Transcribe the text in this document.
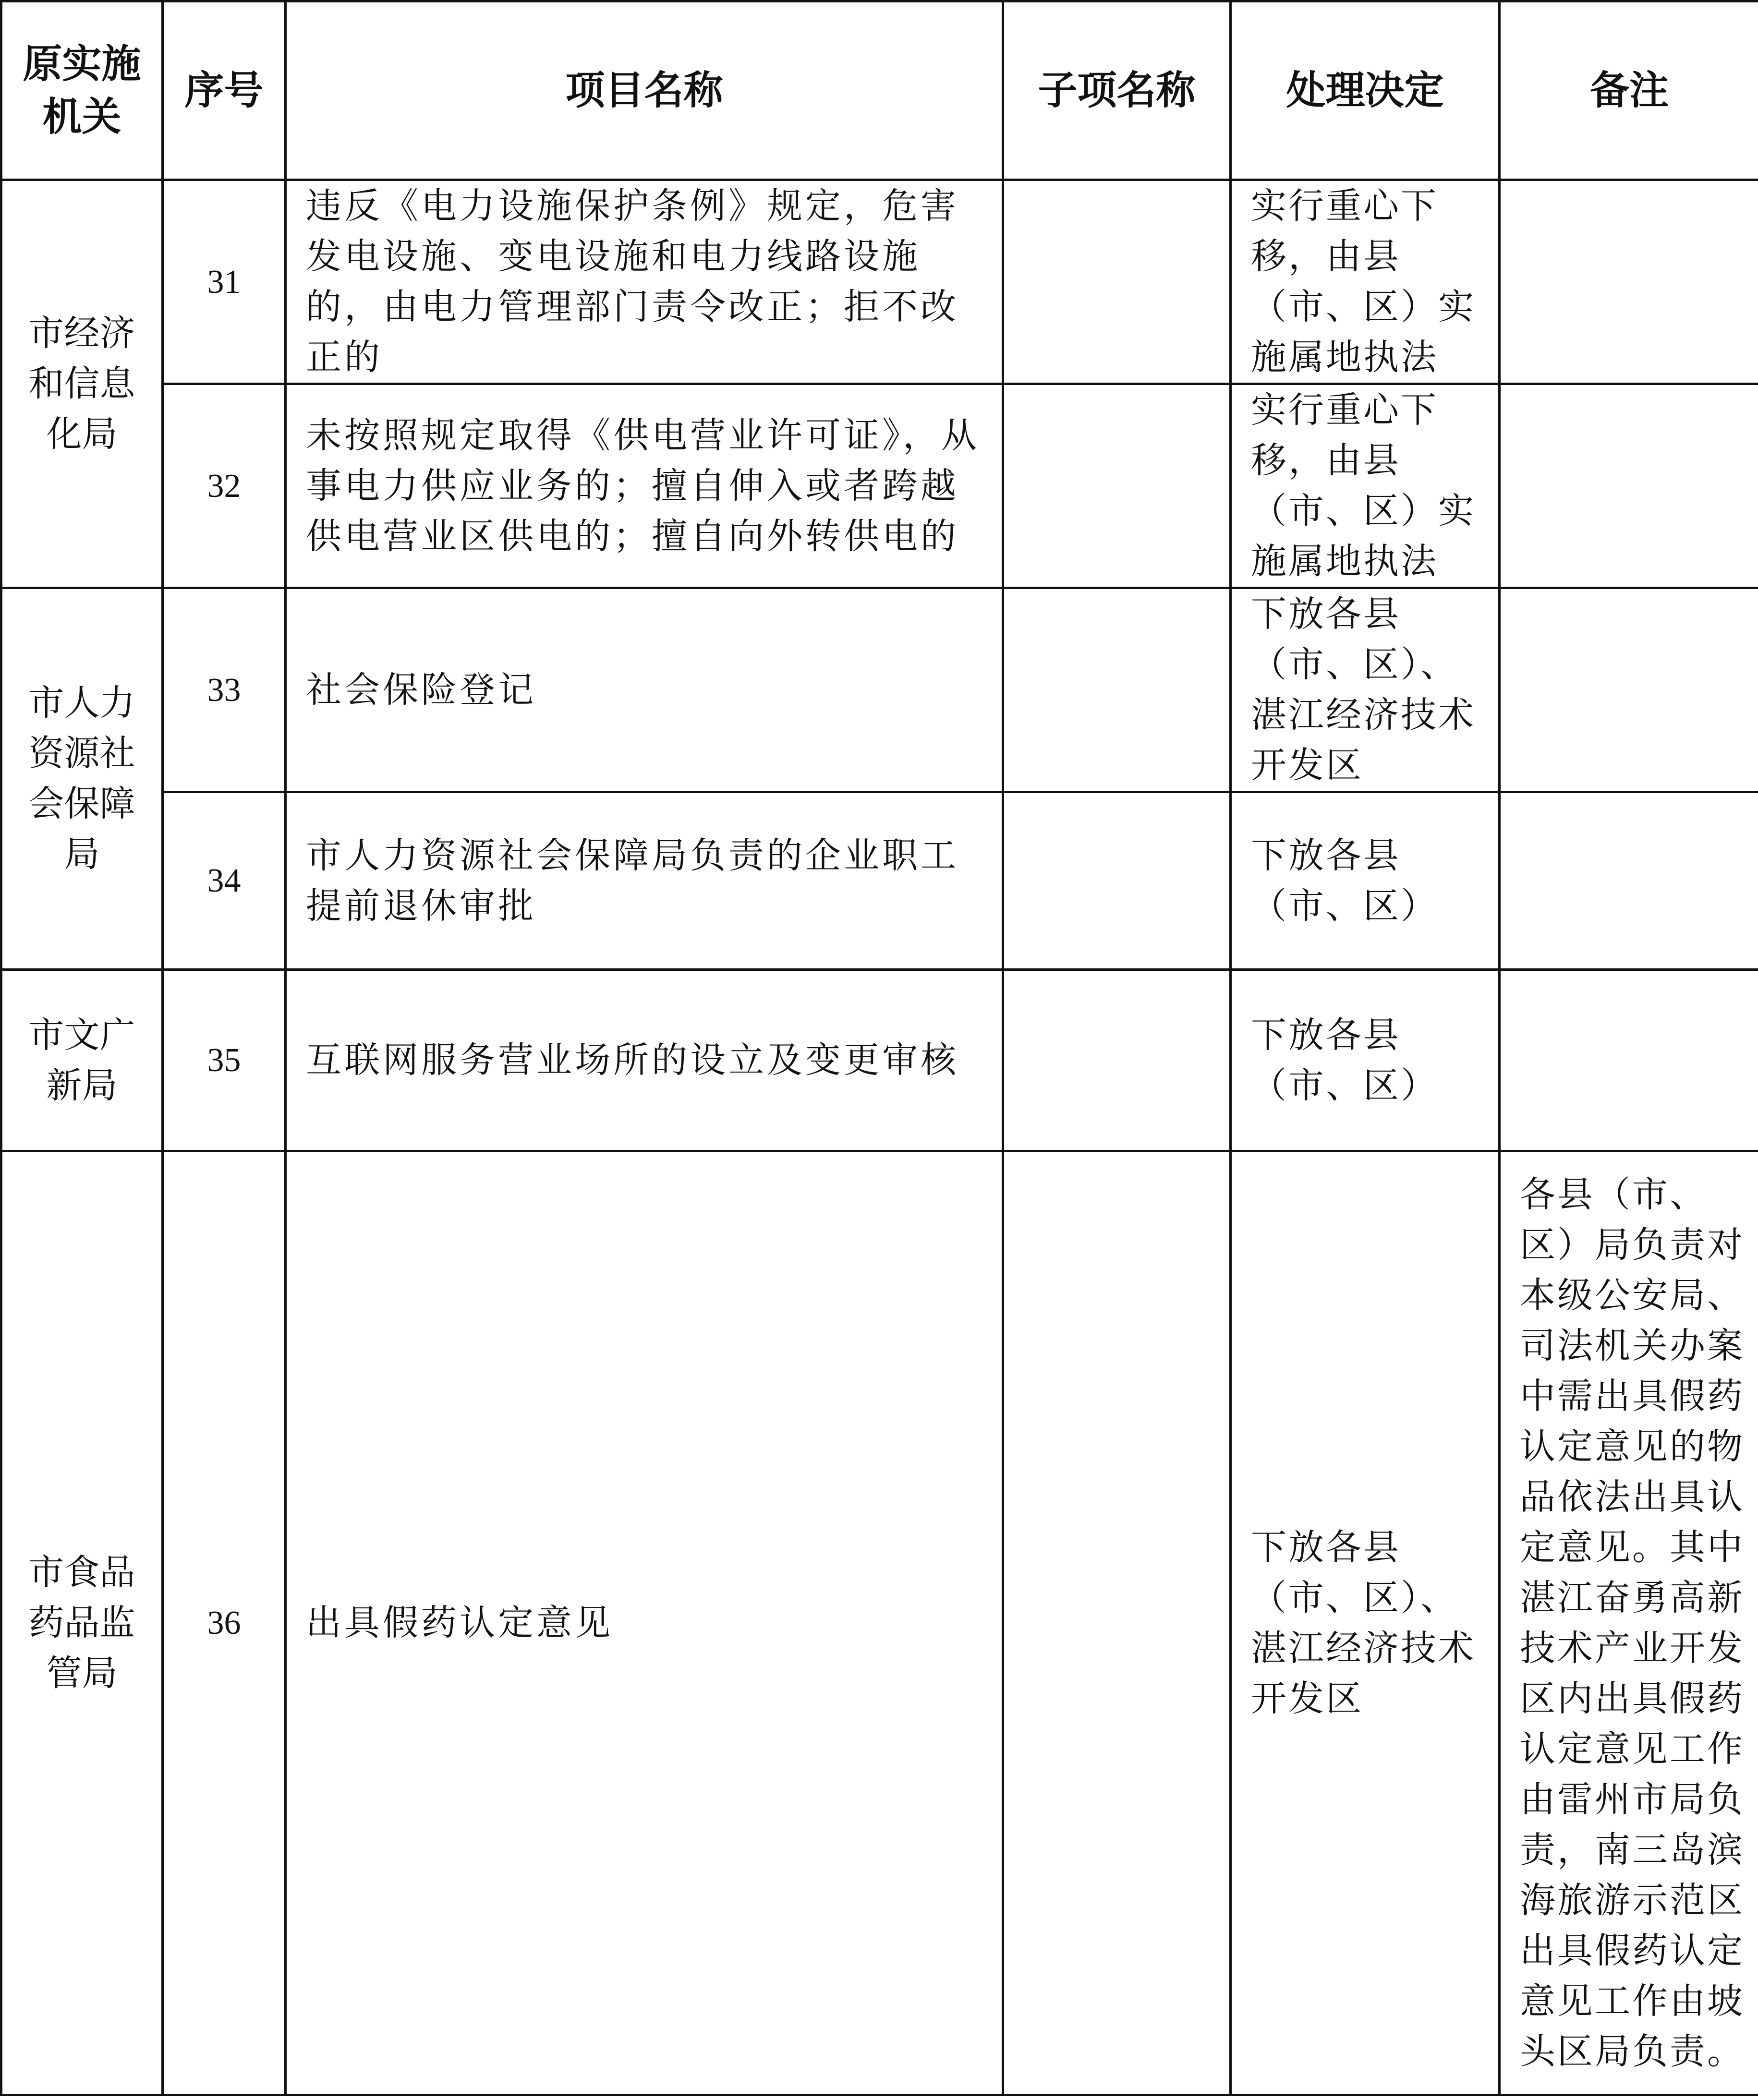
原实施机关	序号	项目名称	子项名称	处理决定	备注

市经济和信息化局	31	违反《电力设施保护条例》规定，危害发电设施、变电设施和电力线路设施的，由电力管理部门责令改正；拒不改正的		实行重心下移，由县（市、区）实施属地执法	
	32	未按照规定取得《供电营业许可证》，从事电力供应业务的；擅自伸入或者跨越供电营业区供电的；擅自向外转供电的		实行重心下移，由县（市、区）实施属地执法	

市人力资源社会保障局	33	社会保险登记		下放各县（市、区）、湛江经济技术开发区	
	34	市人力资源社会保障局负责的企业职工提前退休审批		下放各县（市、区）	

市文广新局	35	互联网服务营业场所的设立及变更审核		下放各县（市、区）	

市食品药品监管局	36	出具假药认定意见		下放各县（市、区）、湛江经济技术开发区	各县（市、区）局负责对本级公安局、司法机关办案中需出具假药认定意见的物品依法出具认定意见。其中湛江奋勇高新技术产业开发区内出具假药认定意见工作由雷州市局负责，南三岛滨海旅游示范区出具假药认定意见工作由坡头区局负责。
